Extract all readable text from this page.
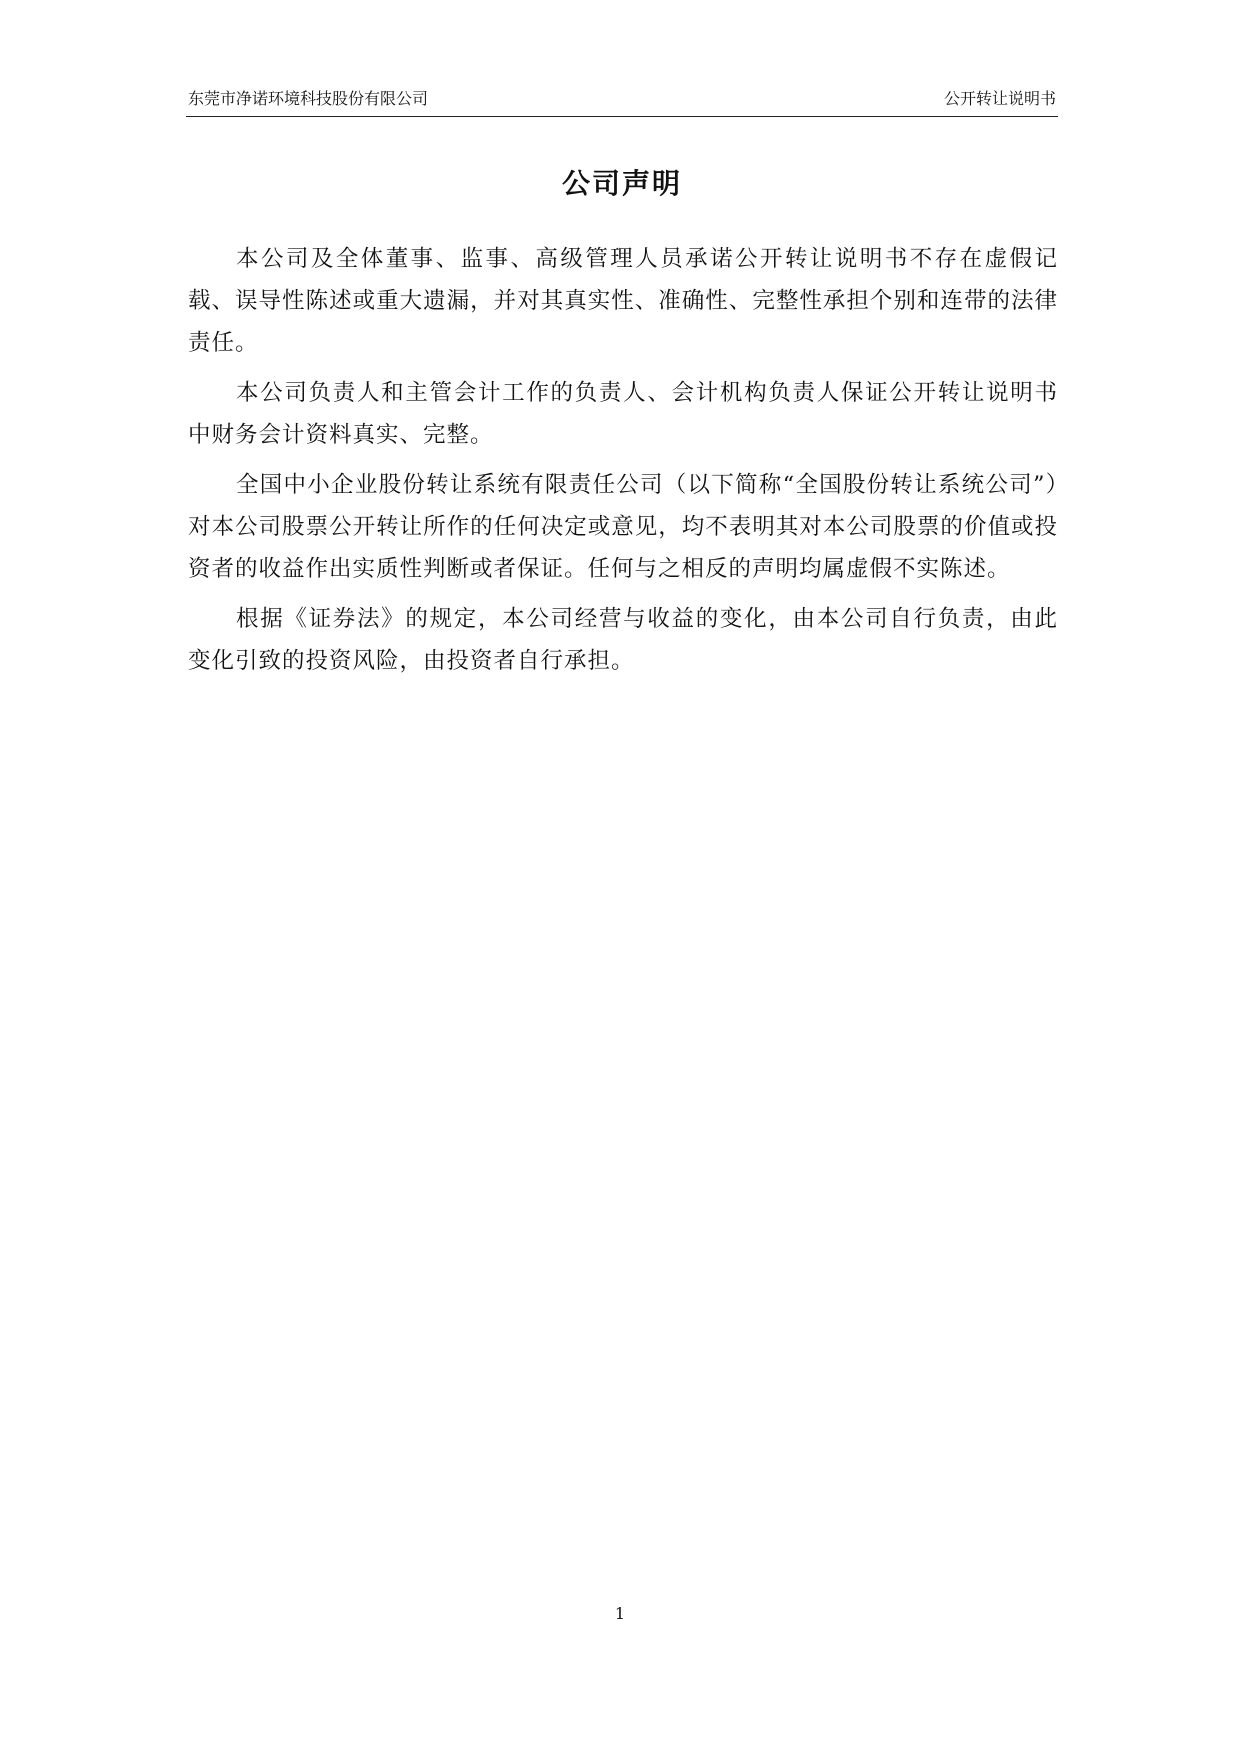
东莞市净诺环境科技股份有限公司	公开转让说明书
公司声明

本公司及全体董事、监事、高级管理人员承诺公开转让说明书不存在虚假记载、误导性陈述或重大遗漏，并对其真实性、准确性、完整性承担个别和连带的法律责任。

本公司负责人和主管会计工作的负责人、会计机构负责人保证公开转让说明书中财务会计资料真实、完整。

全国中小企业股份转让系统有限责任公司（以下简称“全国股份转让系统公司”）对本公司股票公开转让所作的任何决定或意见，均不表明其对本公司股票的价值或投资者的收益作出实质性判断或者保证。任何与之相反的声明均属虚假不实陈述。

根据《证券法》的规定，本公司经营与收益的变化，由本公司自行负责，由此变化引致的投资风险，由投资者自行承担。

1
